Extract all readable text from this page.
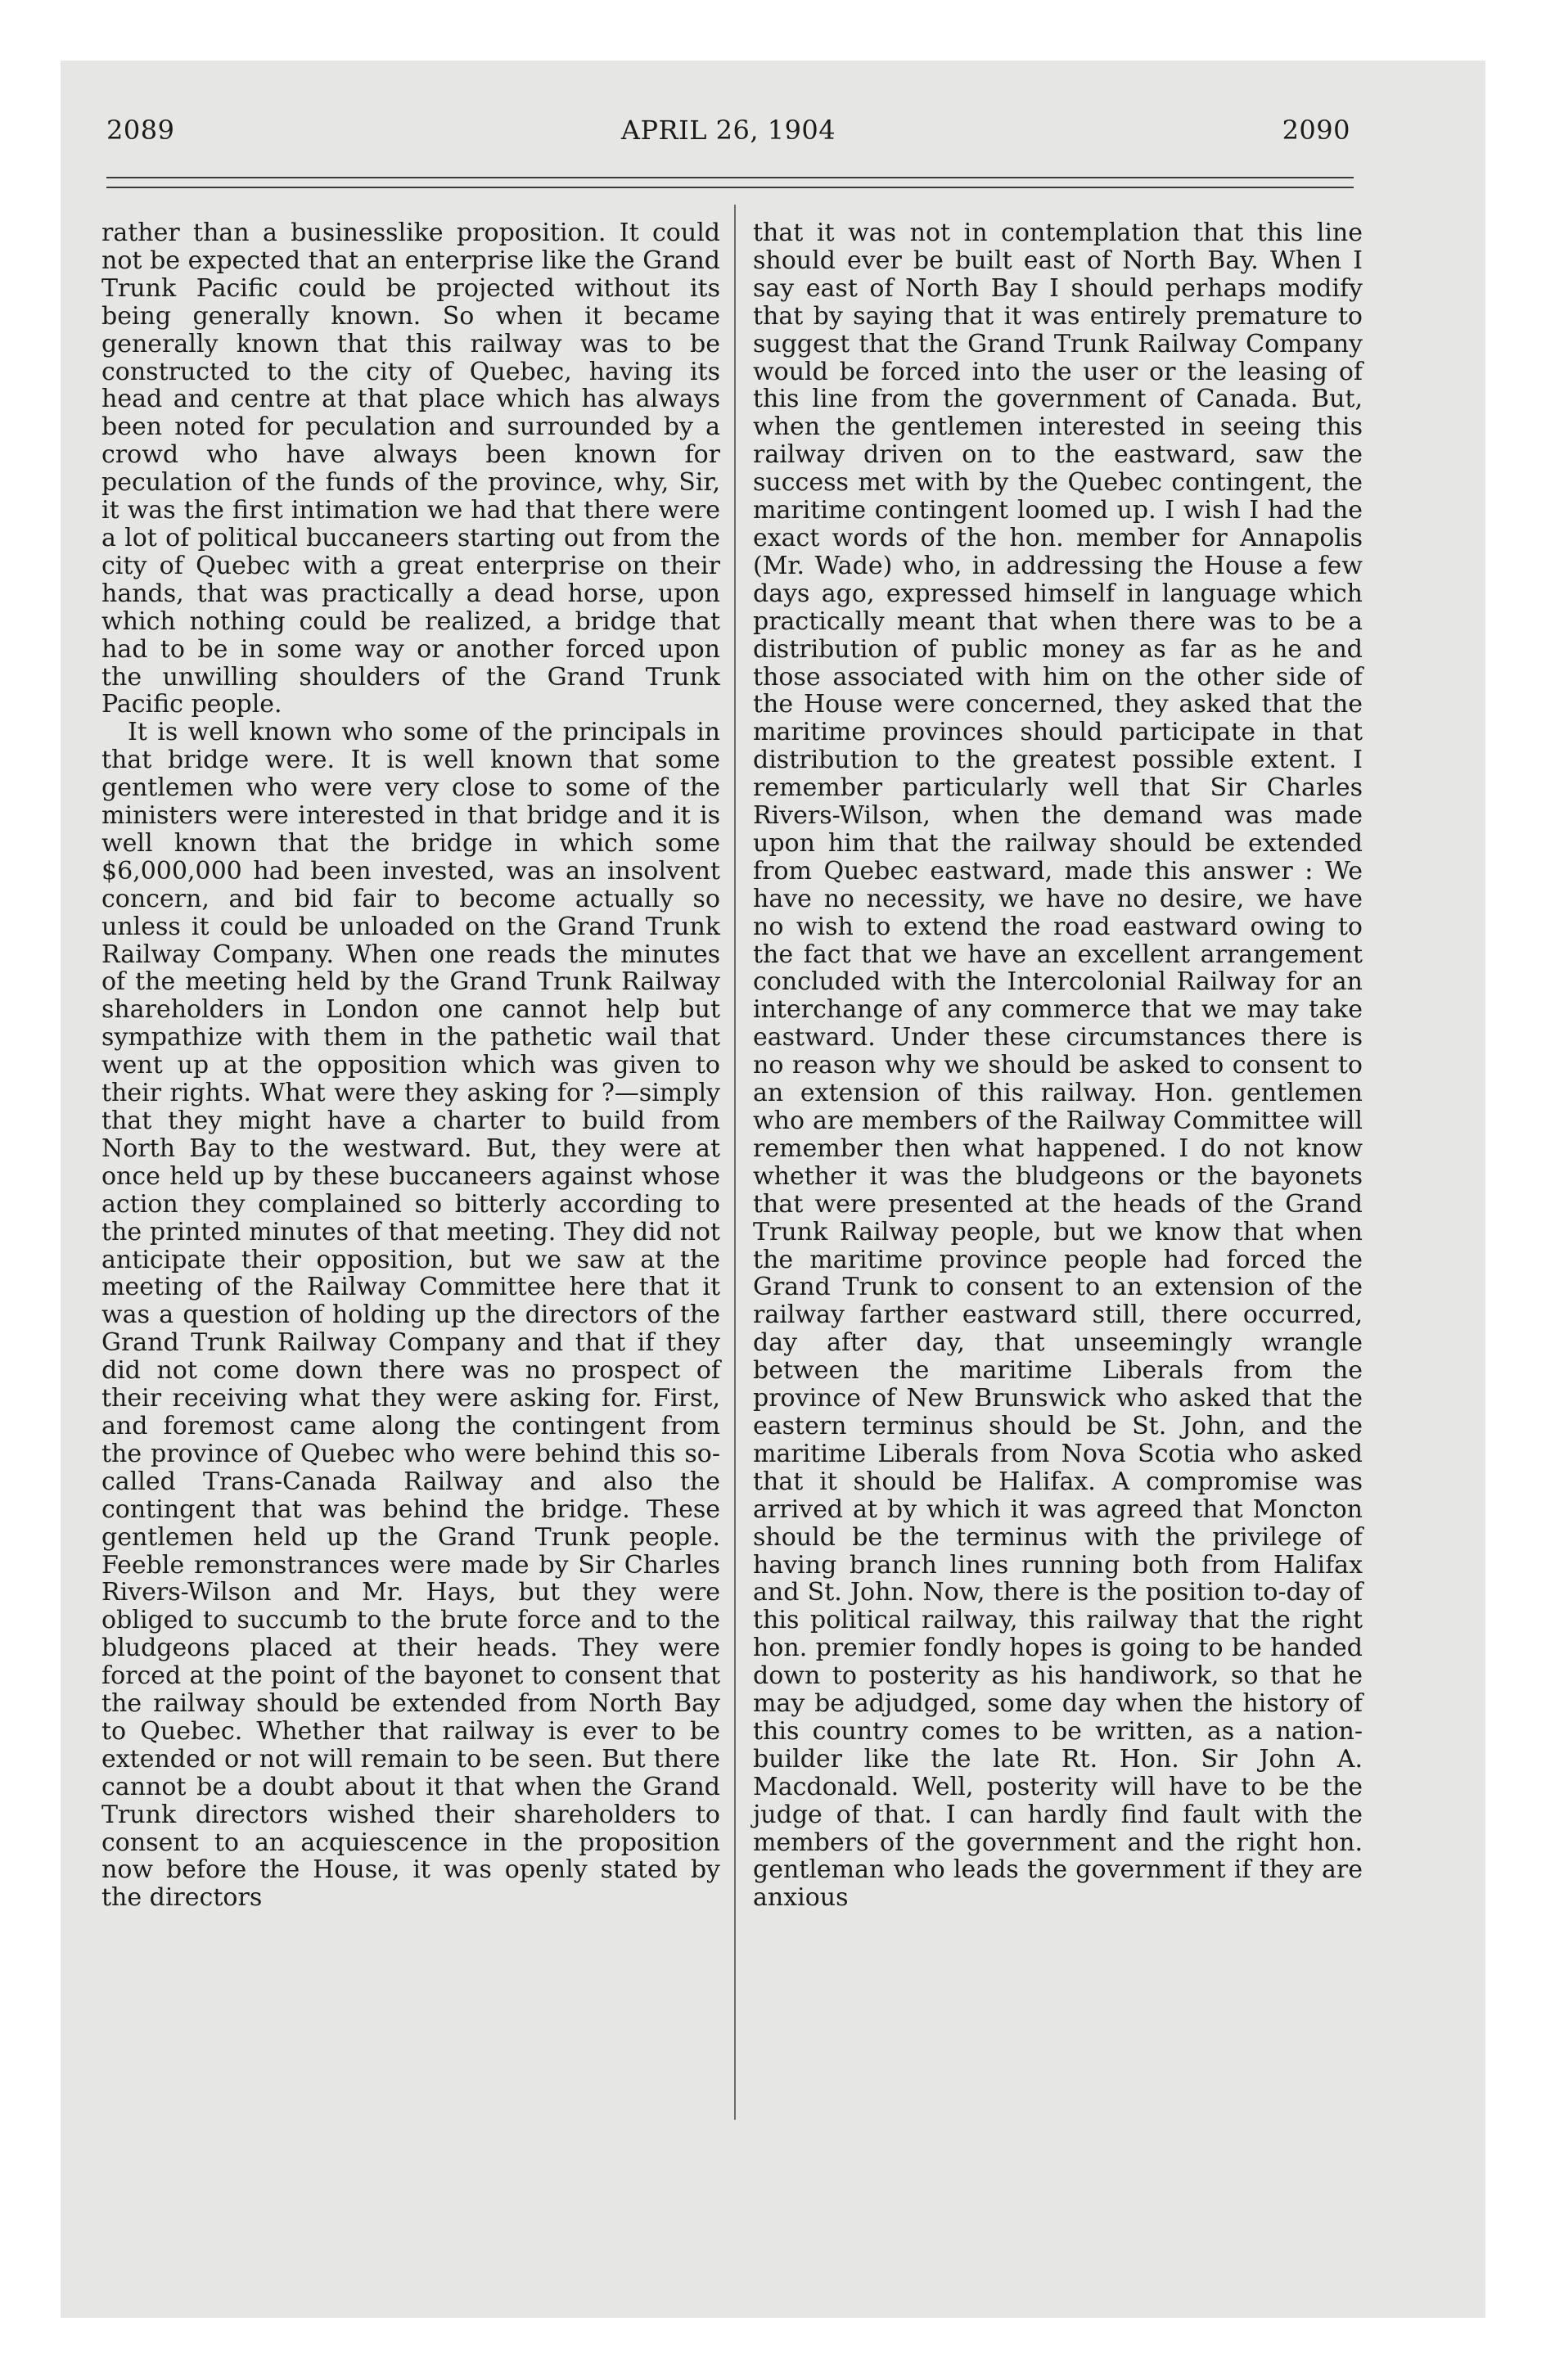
2089	APRIL 26, 1904	2090

rather than a businesslike proposition. It could not be expected that an enterprise like the Grand Trunk Pacific could be projected without its being generally known. So when it became generally known that this railway was to be constructed to the city of Quebec, having its head and centre at that place which has always been noted for peculation and surrounded by a crowd who have always been known for peculation of the funds of the province, why, Sir, it was the first intimation we had that there were a lot of political buccaneers starting out from the city of Quebec with a great enterprise on their hands, that was practically a dead horse, upon which nothing could be realized, a bridge that had to be in some way or another forced upon the unwilling shoulders of the Grand Trunk Pacific people.

It is well known who some of the principals in that bridge were. It is well known that some gentlemen who were very close to some of the ministers were interested in that bridge and it is well known that the bridge in which some $6,000,000 had been invested, was an insolvent concern, and bid fair to become actually so unless it could be unloaded on the Grand Trunk Railway Company. When one reads the minutes of the meeting held by the Grand Trunk Railway shareholders in London one cannot help but sympathize with them in the pathetic wail that went up at the opposition which was given to their rights. What were they asking for ?—simply that they might have a charter to build from North Bay to the westward. But, they were at once held up by these buccaneers against whose action they complained so bitterly according to the printed minutes of that meeting. They did not anticipate their opposition, but we saw at the meeting of the Railway Committee here that it was a question of holding up the directors of the Grand Trunk Railway Company and that if they did not come down there was no prospect of their receiving what they were asking for. First, and foremost came along the contingent from the province of Quebec who were behind this so-called Trans-Canada Railway and also the contingent that was behind the bridge. These gentlemen held up the Grand Trunk people. Feeble remonstrances were made by Sir Charles Rivers-Wilson and Mr. Hays, but they were obliged to succumb to the brute force and to the bludgeons placed at their heads. They were forced at the point of the bayonet to consent that the railway should be extended from North Bay to Quebec. Whether that railway is ever to be extended or not will remain to be seen. But there cannot be a doubt about it that when the Grand Trunk directors wished their shareholders to consent to an acquiescence in the proposition now before the House, it was openly stated by the directors

that it was not in contemplation that this line should ever be built east of North Bay. When I say east of North Bay I should perhaps modify that by saying that it was entirely premature to suggest that the Grand Trunk Railway Company would be forced into the user or the leasing of this line from the government of Canada. But, when the gentlemen interested in seeing this railway driven on to the eastward, saw the success met with by the Quebec contingent, the maritime contingent loomed up. I wish I had the exact words of the hon. member for Annapolis (Mr. Wade) who, in addressing the House a few days ago, expressed himself in language which practically meant that when there was to be a distribution of public money as far as he and those associated with him on the other side of the House were concerned, they asked that the maritime provinces should participate in that distribution to the greatest possible extent. I remember particularly well that Sir Charles Rivers-Wilson, when the demand was made upon him that the railway should be extended from Quebec eastward, made this answer : We have no necessity, we have no desire, we have no wish to extend the road eastward owing to the fact that we have an excellent arrangement concluded with the Intercolonial Railway for an interchange of any commerce that we may take eastward. Under these circumstances there is no reason why we should be asked to consent to an extension of this railway. Hon. gentlemen who are members of the Railway Committee will remember then what happened. I do not know whether it was the bludgeons or the bayonets that were presented at the heads of the Grand Trunk Railway people, but we know that when the maritime province people had forced the Grand Trunk to consent to an extension of the railway farther eastward still, there occurred, day after day, that unseemingly wrangle between the maritime Liberals from the province of New Brunswick who asked that the eastern terminus should be St. John, and the maritime Liberals from Nova Scotia who asked that it should be Halifax. A compromise was arrived at by which it was agreed that Moncton should be the terminus with the privilege of having branch lines running both from Halifax and St. John. Now, there is the position to-day of this political railway, this railway that the right hon. premier fondly hopes is going to be handed down to posterity as his handiwork, so that he may be adjudged, some day when the history of this country comes to be written, as a nation-builder like the late Rt. Hon. Sir John A. Macdonald. Well, posterity will have to be the judge of that. I can hardly find fault with the members of the government and the right hon. gentleman who leads the government if they are anxious
